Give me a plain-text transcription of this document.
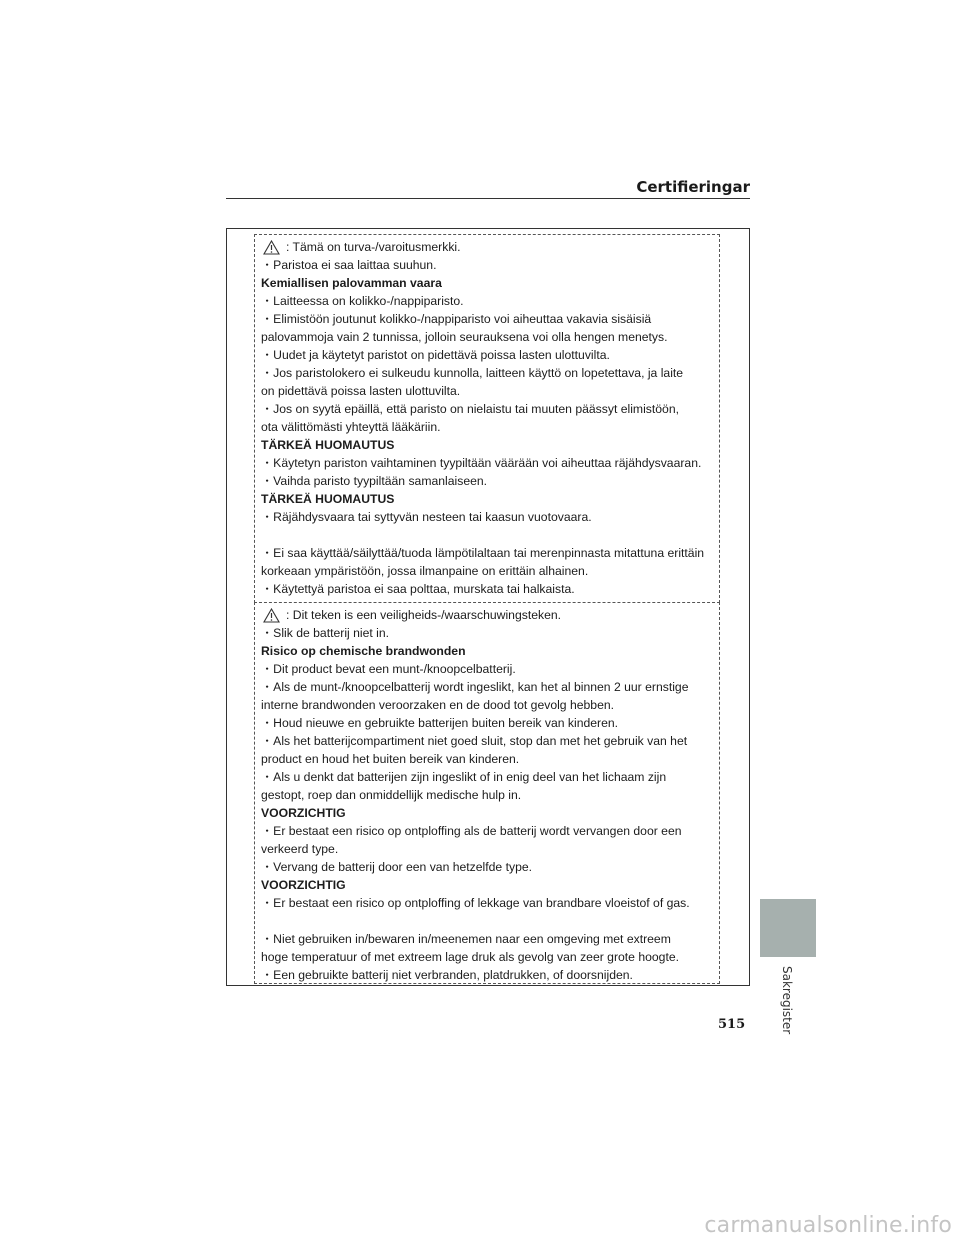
Certifieringar
: Tämä on turva-/varoitusmerkki.
・Paristoa ei saa laittaa suuhun.
Kemiallisen palovamman vaara
・Laitteessa on kolikko-/nappiparisto.
・Elimistöön joutunut kolikko-/nappiparisto voi aiheuttaa vakavia sisäisiä
palovammoja vain 2 tunnissa, jolloin seurauksena voi olla hengen menetys.
・Uudet ja käytetyt paristot on pidettävä poissa lasten ulottuvilta.
・Jos paristolokero ei sulkeudu kunnolla, laitteen käyttö on lopetettava, ja laite
on pidettävä poissa lasten ulottuvilta.
・Jos on syytä epäillä, että paristo on nielaistu tai muuten päässyt elimistöön,
ota välittömästi yhteyttä lääkäriin.
TÄRKEÄ HUOMAUTUS
・Käytetyn pariston vaihtaminen tyypiltään väärään voi aiheuttaa räjähdysvaaran.
・Vaihda paristo tyypiltään samanlaiseen.
TÄRKEÄ HUOMAUTUS
・Räjähdysvaara tai syttyvän nesteen tai kaasun vuotovaara.
・Ei saa käyttää/säilyttää/tuoda lämpötilaltaan tai merenpinnasta mitattuna erittäin
korkeaan ympäristöön, jossa ilmanpaine on erittäin alhainen.
・Käytettyä paristoa ei saa polttaa, murskata tai halkaista.
: Dit teken is een veiligheids-/waarschuwingsteken.
・Slik de batterij niet in.
Risico op chemische brandwonden
・Dit product bevat een munt-/knoopcelbatterij.
・Als de munt-/knoopcelbatterij wordt ingeslikt, kan het al binnen 2 uur ernstige
interne brandwonden veroorzaken en de dood tot gevolg hebben.
・Houd nieuwe en gebruikte batterijen buiten bereik van kinderen.
・Als het batterijcompartiment niet goed sluit, stop dan met het gebruik van het
product en houd het buiten bereik van kinderen.
・Als u denkt dat batterijen zijn ingeslikt of in enig deel van het lichaam zijn
gestopt, roep dan onmiddellijk medische hulp in.
VOORZICHTIG
・Er bestaat een risico op ontploffing als de batterij wordt vervangen door een
verkeerd type.
・Vervang de batterij door een van hetzelfde type.
VOORZICHTIG
・Er bestaat een risico op ontploffing of lekkage van brandbare vloeistof of gas.
・Niet gebruiken in/bewaren in/meenemen naar een omgeving met extreem
hoge temperatuur of met extreem lage druk als gevolg van zeer grote hoogte.
・Een gebruikte batterij niet verbranden, platdrukken, of doorsnijden.	Sakregister
515
carmanualsonline.info
